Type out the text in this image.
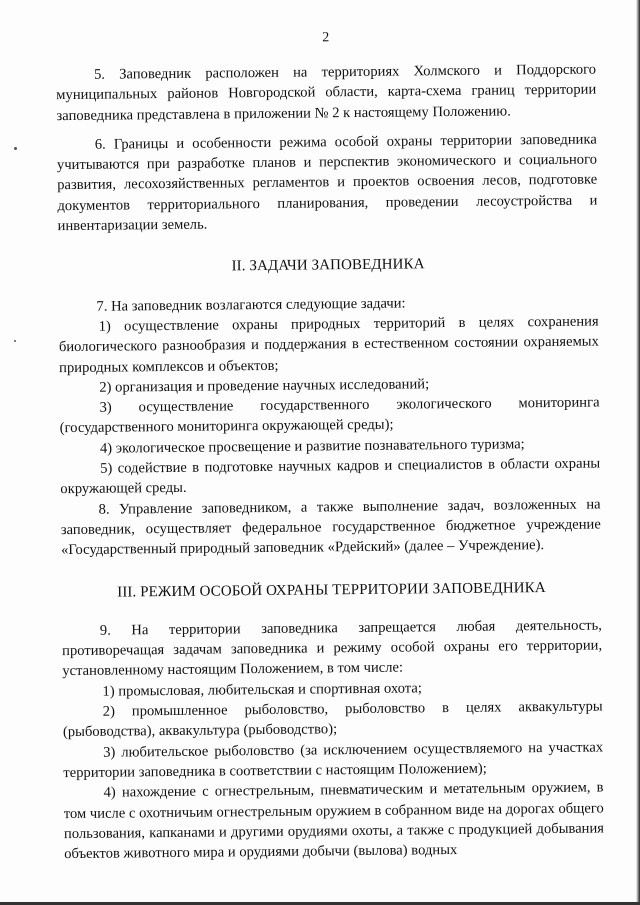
2

5. Заповедник расположен на территориях Холмского и Поддорского муниципальных районов Новгородской области, карта-схема границ территории заповедника представлена в приложении № 2 к настоящему Положению.

6. Границы и особенности режима особой охраны территории заповедника учитываются при разработке планов и перспектив экономического и социального развития, лесохозяйственных регламентов и проектов освоения лесов, подготовке документов территориального планирования, проведении лесоустройства и инвентаризации земель.

II. ЗАДАЧИ ЗАПОВЕДНИКА

7. На заповедник возлагаются следующие задачи:

1) осуществление охраны природных территорий в целях сохранения биологического разнообразия и поддержания в естественном состоянии охраняемых природных комплексов и объектов;

2) организация и проведение научных исследований;

3) осуществление государственного экологического мониторинга (государственного мониторинга окружающей среды);

4) экологическое просвещение и развитие познавательного туризма;

5) содействие в подготовке научных кадров и специалистов в области охраны окружающей среды.

8. Управление заповедником, а также выполнение задач, возложенных на заповедник, осуществляет федеральное государственное бюджетное учреждение «Государственный природный заповедник «Рдейский» (далее – Учреждение).

III. РЕЖИМ ОСОБОЙ ОХРАНЫ ТЕРРИТОРИИ ЗАПОВЕДНИКА

9. На территории заповедника запрещается любая деятельность, противоречащая задачам заповедника и режиму особой охраны его территории, установленному настоящим Положением, в том числе:

1) промысловая, любительская и спортивная охота;

2) промышленное рыболовство, рыболовство в целях аквакультуры (рыбоводства), аквакультура (рыбоводство);

3) любительское рыболовство (за исключением осуществляемого на участках территории заповедника в соответствии с настоящим Положением);

4) нахождение с огнестрельным, пневматическим и метательным оружием, в том числе с охотничьим огнестрельным оружием в собранном виде на дорогах общего пользования, капканами и другими орудиями охоты, а также с продукцией добывания объектов животного мира и орудиями добычи (вылова) водных
